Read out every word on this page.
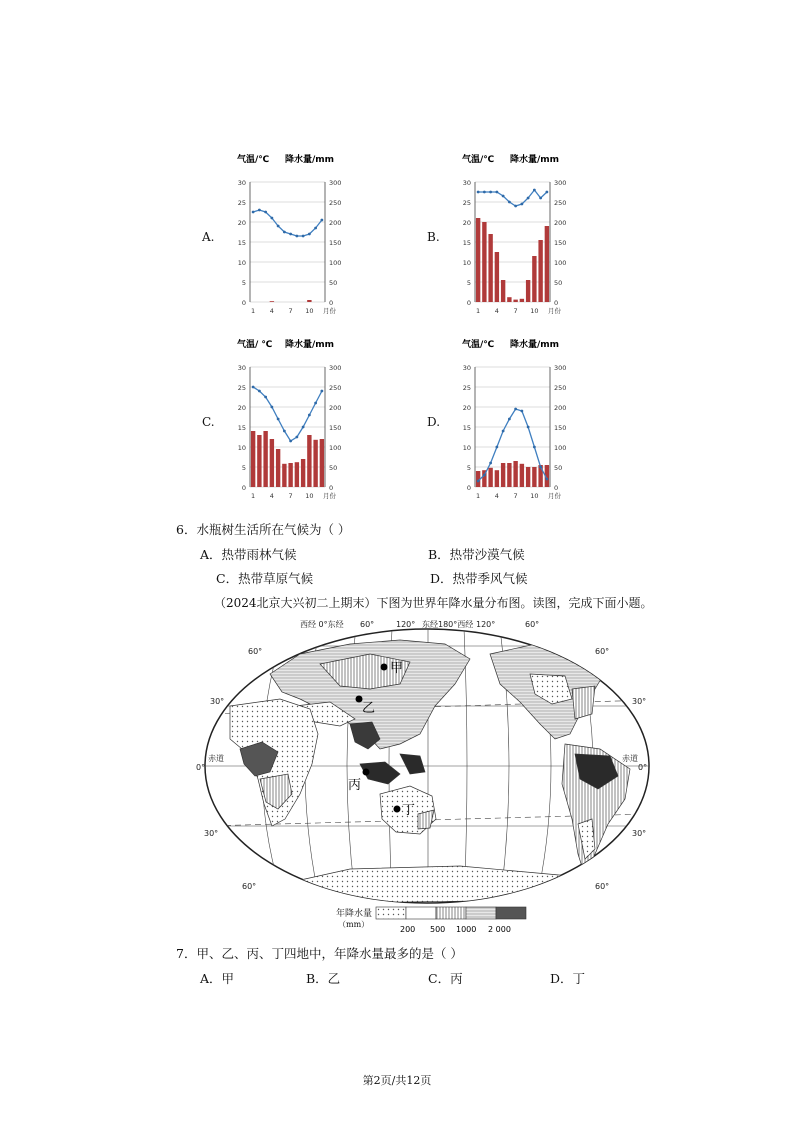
A.
气温/℃ 降水量/mm
0	0
5	50
10	100
15	150
20	200
25	250
30	300
1 4 7 10 月份
B.
气温/℃ 降水量/mm
0	0
5	50
10	100
15	150
20	200
25	250
30	300
1 4 7 10 月份
C.
气温/ ℃ 降水量/mm
0	0
5	50
10	100
15	150
20	200
25	250
30	300
1 4 7 10 月份
D.
气温/℃ 降水量/mm
0	0
5	50
10	100
15	150
20	200
25	250
30	300
1 4 7 10 月份
6．水瓶树生活所在气候为（ ）
A．热带雨林气候	B．热带沙漠气候
C．热带草原气候	D．热带季风气候
（2024北京大兴初二上期末）下图为世界年降水量分布图。读图，完成下面小题。
甲
乙
丙
丁
西经 0°东经 60°	120° 东经180°西经 120°	60°
60°
30°
0°
30°
60°
60°
30°
0°
30°
60°
赤道	赤道
年降水量
（mm）
200 500 1000 2 000
7．甲、乙、丙、丁四地中，年降水量最多的是（ ）
A．甲	B．乙	C．丙	D．丁
第2页/共12页
